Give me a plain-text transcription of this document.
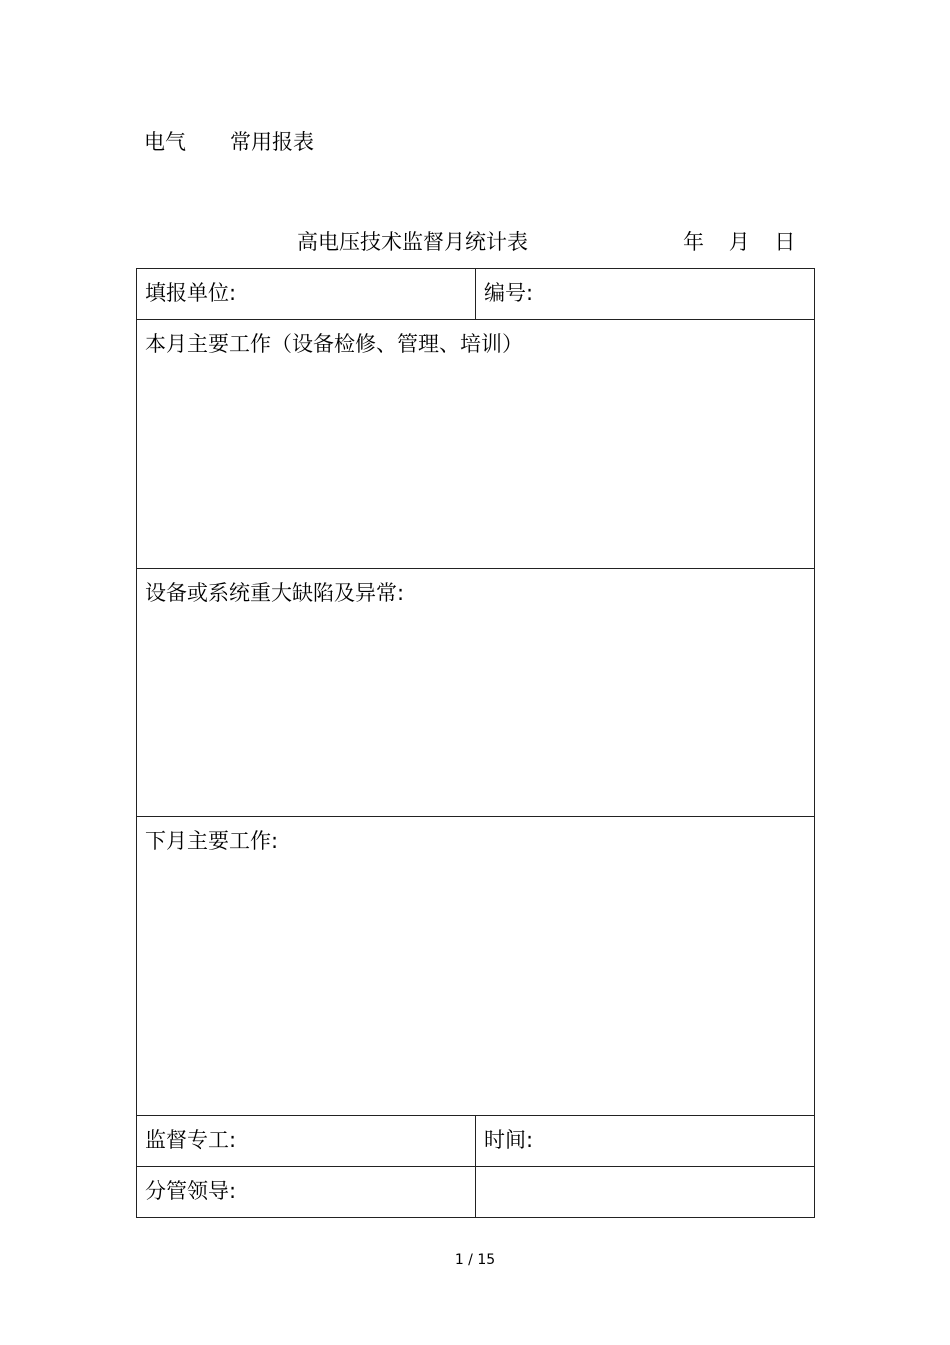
电气 常用报表
高电压技术监督月统计表	年 月 日
填报单位:	编号:
本月主要工作（设备检修、管理、培训）	
设备或系统重大缺陷及异常:	
下月主要工作:	
监督专工:	时间:
分管领导:	
1 / 15
